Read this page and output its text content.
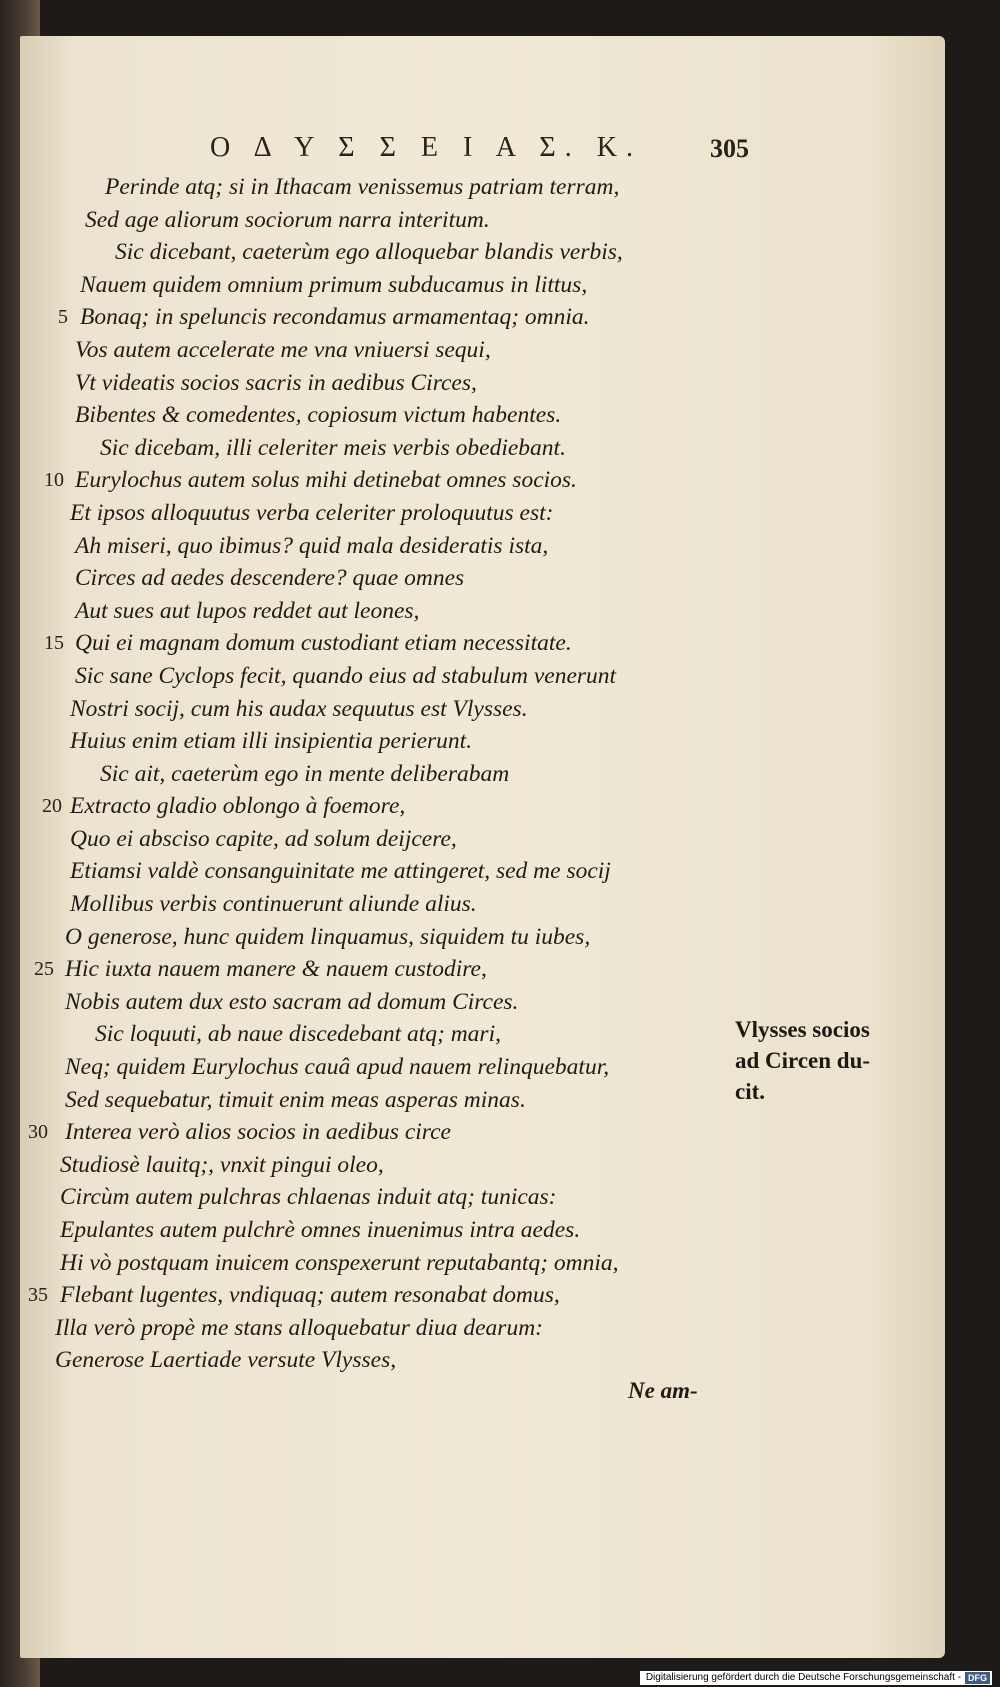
Ο Δ Υ Σ Σ Ε Ι Α Σ. K.	305
Perinde atq; si in Ithacam venissemus patriam terram,
Sed age aliorum sociorum narra interitum.
Sic dicebant, caeterùm ego alloquebar blandis verbis,
Nauem quidem omnium primum subducamus in littus,
5 Bonaq; in speluncis recondamus armamentaq; omnia.
Vos autem accelerate me vna vniuersi sequi,
Vt videatis socios sacris in aedibus Circes,
Bibentes & comedentes, copiosum victum habentes.
Sic dicebam, illi celeriter meis verbis obediebant.
10 Eurylochus autem solus mihi detinebat omnes socios.
Et ipsos alloquutus verba celeriter proloquutus est:
Ah miseri, quo ibimus? quid mala desideratis ista,
Circes ad aedes descendere? quae omnes
Aut sues aut lupos reddet aut leones,
15 Qui ei magnam domum custodiant etiam necessitate.
Sic sane Cyclops fecit, quando eius ad stabulum venerunt
Nostri socij, cum his audax sequutus est Vlysses.
Huius enim etiam illi insipientia perierunt.
Sic ait, caeterùm ego in mente deliberabam
20 Extracto gladio oblongo à foemore,
Quo ei absciso capite, ad solum deijcere,
Etiamsi valdè consanguinitate me attingeret, sed me socij
Mollibus verbis continuerunt aliunde alius.
O generose, hunc quidem linquamus, siquidem tu iubes,
25 Hic iuxta nauem manere & nauem custodire,
Nobis autem dux esto sacram ad domum Circes.
Sic loquuti, ab naue discedebant atq; mari,
Neq; quidem Eurylochus cauâ apud nauem relinquebatur,
Sed sequebatur, timuit enim meas asperas minas.
30 Interea verò alios socios in aedibus circe
Studiosè lauitq;, vnxit pingui oleo,
Circùm autem pulchras chlaenas induit atq; tunicas:
Epulantes autem pulchrè omnes inuenimus intra aedes.
Hi vò postquam inuicem conspexerunt reputabantq; omnia,
35 Flebant lugentes, vndiquaq; autem resonabat domus,
Illa verò propè me stans alloquebatur diua dearum:
Generose Laertiade versute Vlysses,
Vlysses socios
ad Circen du-
cit.
Ne am-
Digitalisierung gefördert durch die Deutsche Forschungsgemeinschaft - DFG
